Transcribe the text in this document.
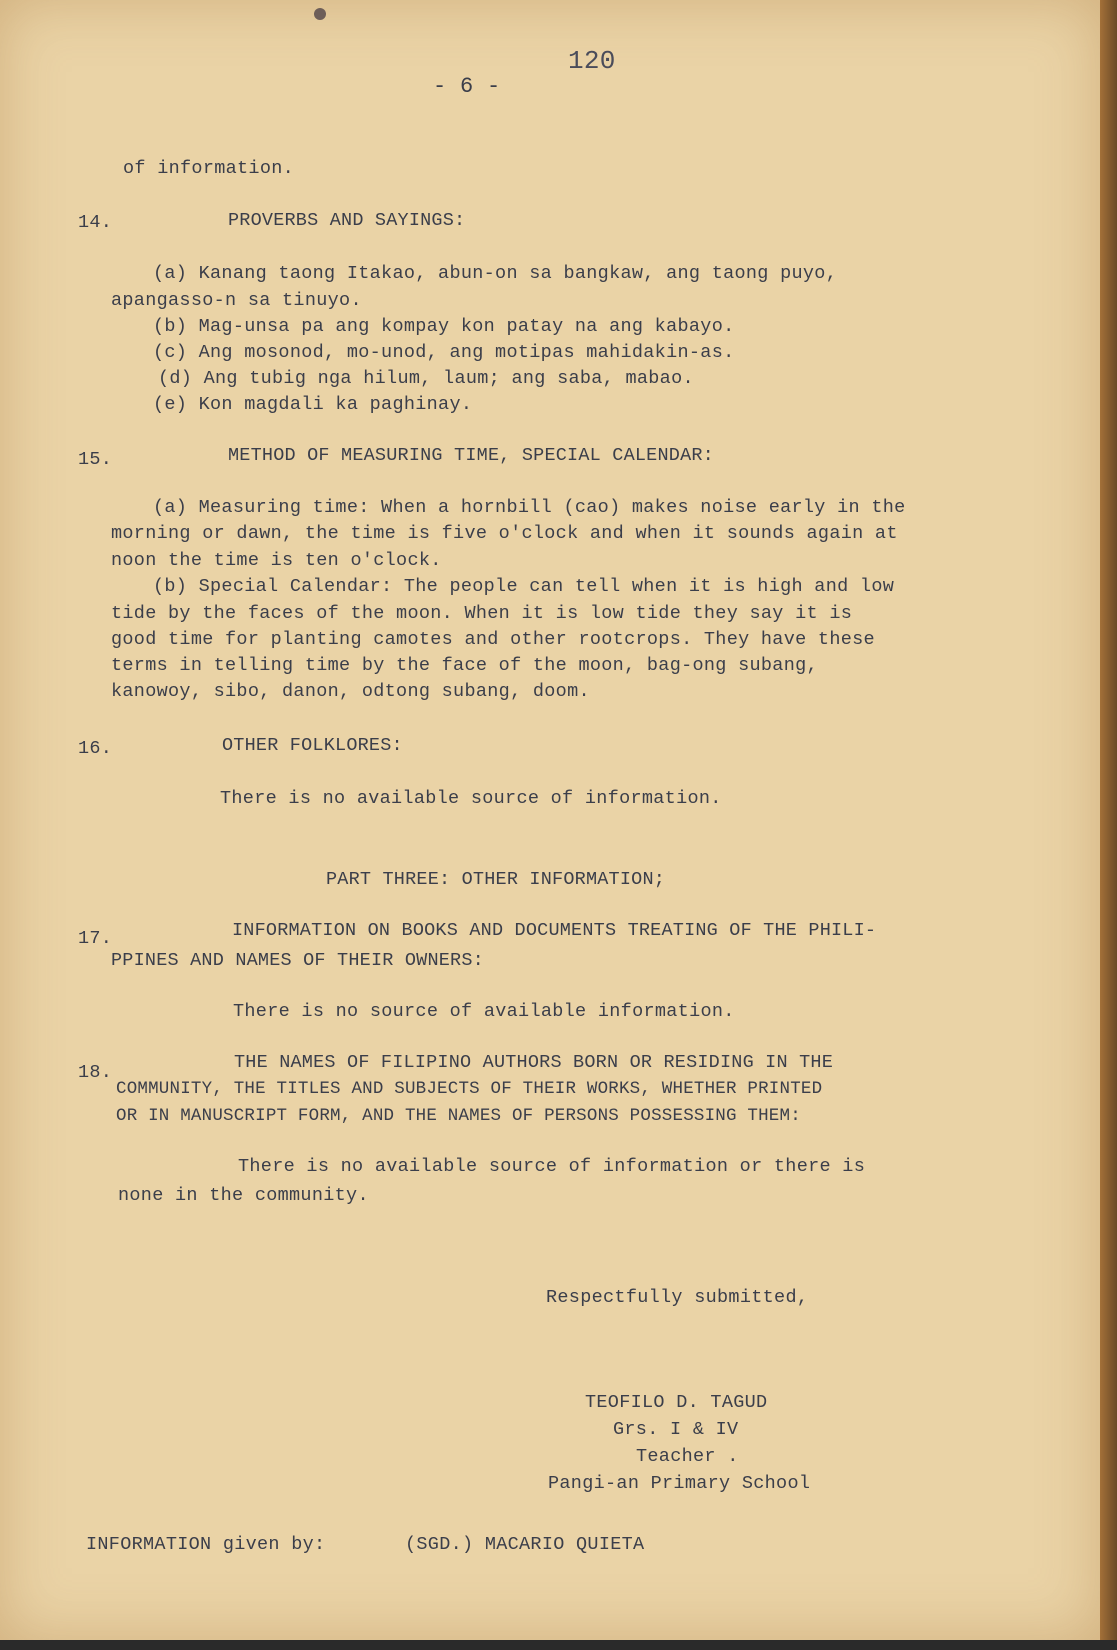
120
- 6 -
of information.
14.	PROVERBS AND SAYINGS:
(a) Kanang taong Itakao, abun-on sa bangkaw, ang taong puyo,
apangasso-n sa tinuyo.
(b) Mag-unsa pa ang kompay kon patay na ang kabayo.
(c) Ang mosonod, mo-unod, ang motipas mahidakin-as.
(d) Ang tubig nga hilum, laum; ang saba, mabao.
(e) Kon magdali ka paghinay.
15.	METHOD OF MEASURING TIME, SPECIAL CALENDAR:
(a) Measuring time: When a hornbill (cao) makes noise early in the
morning or dawn, the time is five o'clock and when it sounds again at
noon the time is ten o'clock.
(b) Special Calendar: The people can tell when it is high and low
tide by the faces of the moon. When it is low tide they say it is
good time for planting camotes and other rootcrops. They have these
terms in telling time by the face of the moon, bag-ong subang,
kanowoy, sibo, danon, odtong subang, doom.
16.	OTHER FOLKLORES:
There is no available source of information.
PART THREE: OTHER INFORMATION;
17.	INFORMATION ON BOOKS AND DOCUMENTS TREATING OF THE PHILI-
PPINES AND NAMES OF THEIR OWNERS:
There is no source of available information.
18.	THE NAMES OF FILIPINO AUTHORS BORN OR RESIDING IN THE
COMMUNITY, THE TITLES AND SUBJECTS OF THEIR WORKS, WHETHER PRINTED
OR IN MANUSCRIPT FORM, AND THE NAMES OF PERSONS POSSESSING THEM:
There is no available source of information or there is
none in the community.
Respectfully submitted,
TEOFILO D. TAGUD
Grs. I & IV
Teacher .
Pangi-an Primary School
INFORMATION given by:	(SGD.) MACARIO QUIETA
